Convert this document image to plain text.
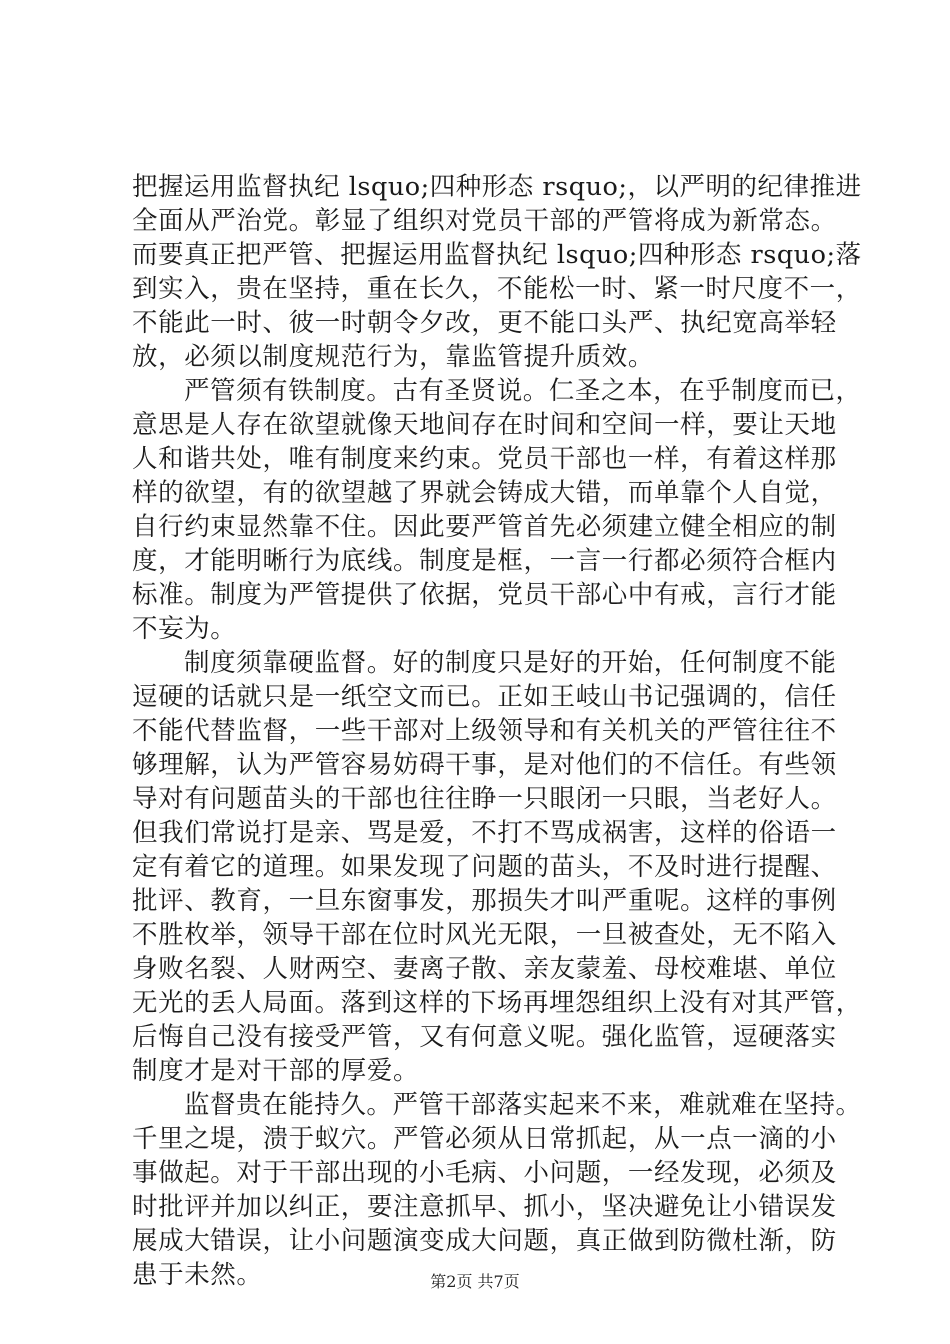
把握运用监督执纪 lsquo;四种形态 rsquo;，以严明的纪律推进
全面从严治党。彰显了组织对党员干部的严管将成为新常态。
而要真正把严管、把握运用监督执纪 lsquo;四种形态 rsquo;落
到实入，贵在坚持，重在长久，不能松一时、紧一时尺度不一，
不能此一时、彼一时朝令夕改，更不能口头严、执纪宽高举轻
放，必须以制度规范行为，靠监管提升质效。
严管须有铁制度。古有圣贤说。仁圣之本，在乎制度而已，
意思是人存在欲望就像天地间存在时间和空间一样，要让天地
人和谐共处，唯有制度来约束。党员干部也一样，有着这样那
样的欲望，有的欲望越了界就会铸成大错，而单靠个人自觉，
自行约束显然靠不住。因此要严管首先必须建立健全相应的制
度，才能明晰行为底线。制度是框，一言一行都必须符合框内
标准。制度为严管提供了依据，党员干部心中有戒，言行才能
不妄为。
制度须靠硬监督。好的制度只是好的开始，任何制度不能
逗硬的话就只是一纸空文而已。正如王岐山书记强调的，信任
不能代替监督，一些干部对上级领导和有关机关的严管往往不
够理解，认为严管容易妨碍干事，是对他们的不信任。有些领
导对有问题苗头的干部也往往睁一只眼闭一只眼，当老好人。
但我们常说打是亲、骂是爱，不打不骂成祸害，这样的俗语一
定有着它的道理。如果发现了问题的苗头，不及时进行提醒、
批评、教育，一旦东窗事发，那损失才叫严重呢。这样的事例
不胜枚举，领导干部在位时风光无限，一旦被查处，无不陷入
身败名裂、人财两空、妻离子散、亲友蒙羞、母校难堪、单位
无光的丢人局面。落到这样的下场再埋怨组织上没有对其严管，
后悔自己没有接受严管，又有何意义呢。强化监管，逗硬落实
制度才是对干部的厚爱。
监督贵在能持久。严管干部落实起来不来，难就难在坚持。
千里之堤，溃于蚁穴。严管必须从日常抓起，从一点一滴的小
事做起。对于干部出现的小毛病、小问题，一经发现，必须及
时批评并加以纠正，要注意抓早、抓小，坚决避免让小错误发
展成大错误，让小问题演变成大问题，真正做到防微杜渐，防
患于未然。	第2页 共7页
